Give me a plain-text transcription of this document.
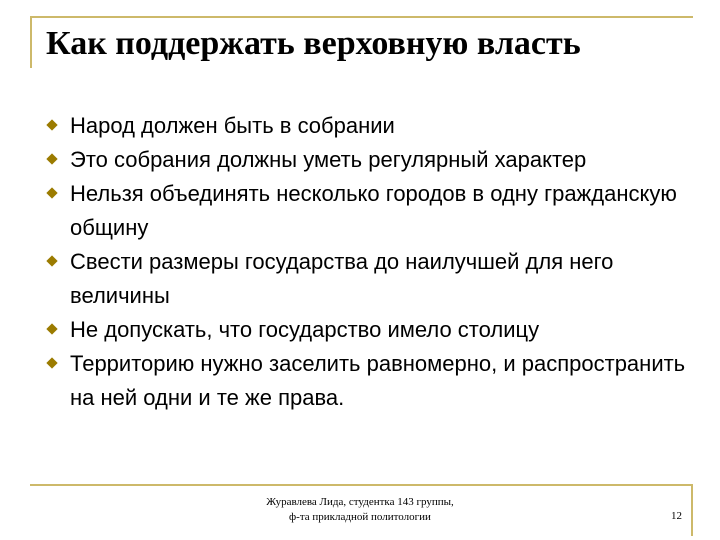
Как поддержать верховную власть
Народ должен быть в собрании
Это собрания должны уметь регулярный характер
Нельзя объединять несколько городов в одну гражданскую общину
Свести размеры государства до наилучшей для него величины
Не допускать, что государство имело столицу
Территорию нужно заселить равномерно, и распространить на ней одни и те же права.
Журавлева Лида, студентка 143 группы,
ф-та прикладной политологии	12
